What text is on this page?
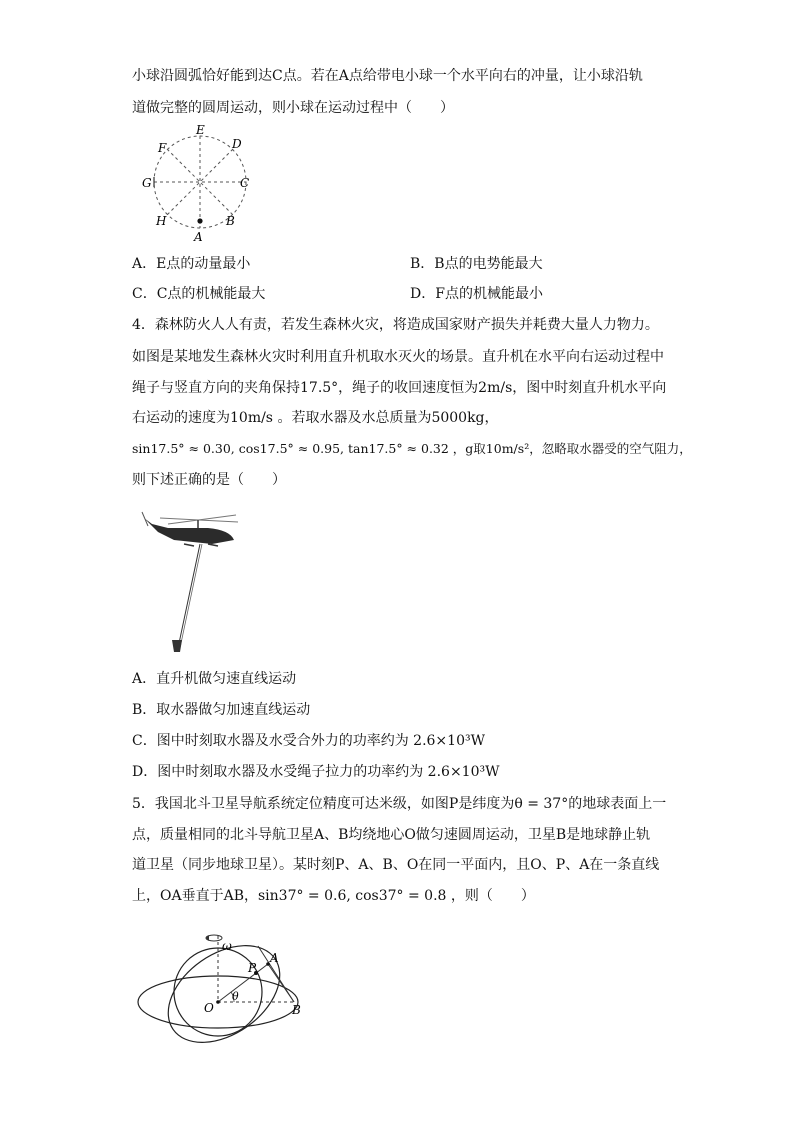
小球沿圆弧恰好能到达C点。若在A点给带电小球一个水平向右的冲量，让小球沿轨
道做完整的圆周运动，则小球在运动过程中（　　）
E
D
F
G	C
H	B
A
A．E点的动量最小	B．B点的电势能最大
C．C点的机械能最大	D．F点的机械能最小
4．森林防火人人有责，若发生森林火灾，将造成国家财产损失并耗费大量人力物力。
如图是某地发生森林火灾时利用直升机取水灭火的场景。直升机在水平向右运动过程中
绳子与竖直方向的夹角保持17.5°，绳子的收回速度恒为2m/s，图中时刻直升机水平向
右运动的速度为10m/s 。若取水器及水总质量为5000kg，
sin17.5° ≈ 0.30, cos17.5° ≈ 0.95, tan17.5° ≈ 0.32 ，g取10m/s²，忽略取水器受的空气阻力，
则下述正确的是（　　）
A．直升机做匀速直线运动
B．取水器做匀加速直线运动
C．图中时刻取水器及水受合外力的功率约为 2.6×10³W
D．图中时刻取水器及水受绳子拉力的功率约为 2.6×10³W
5．我国北斗卫星导航系统定位精度可达米级，如图P是纬度为θ = 37°的地球表面上一
点，质量相同的北斗导航卫星A、B均绕地心O做匀速圆周运动，卫星B是地球静止轨
道卫星（同步地球卫星）。某时刻P、A、B、O在同一平面内，且O、P、A在一条直线
上，OA垂直于AB，sin37° = 0.6, cos37° = 0.8 ，则（　　）
ω
P
A
θ
O	B
